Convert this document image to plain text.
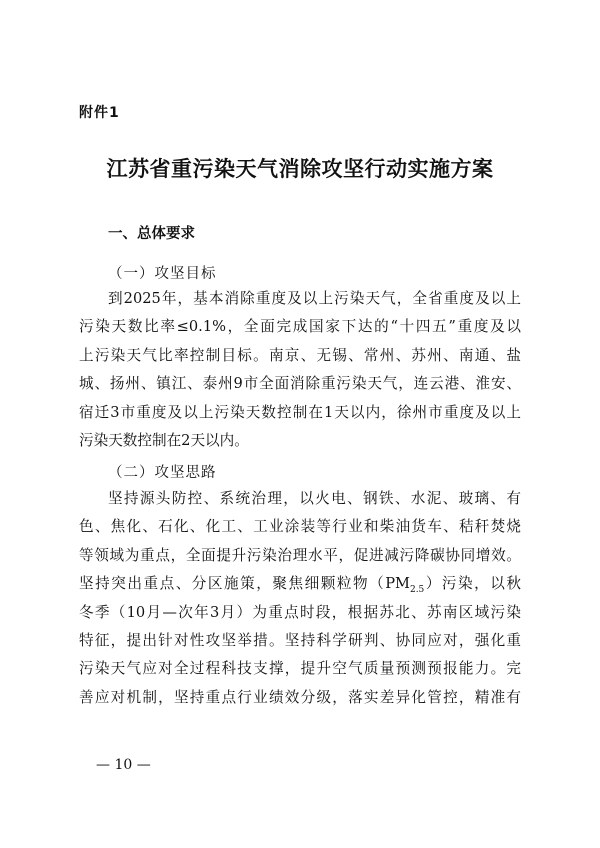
附件1
江苏省重污染天气消除攻坚行动实施方案
一、总体要求
（一）攻坚目标
到2025年，基本消除重度及以上污染天气，全省重度及以上
污染天数比率≤0.1%，全面完成国家下达的“十四五”重度及以
上污染天气比率控制目标。南京、无锡、常州、苏州、南通、盐
城、扬州、镇江、泰州9市全面消除重污染天气，连云港、淮安、
宿迁3市重度及以上污染天数控制在1天以内，徐州市重度及以上
污染天数控制在2天以内。
（二）攻坚思路
坚持源头防控、系统治理，以火电、钢铁、水泥、玻璃、有
色、焦化、石化、化工、工业涂装等行业和柴油货车、秸秆焚烧
等领域为重点，全面提升污染治理水平，促进减污降碳协同增效。
坚持突出重点、分区施策，聚焦细颗粒物$(PM_{2.5})$污染，以秋
冬季（10月—次年3月）为重点时段，根据苏北、苏南区域污染
特征，提出针对性攻坚举措。坚持科学研判、协同应对，强化重
污染天气应对全过程科技支撑，提升空气质量预测预报能力。完
善应对机制，坚持重点行业绩效分级，落实差异化管控，精准有
— 10 —
